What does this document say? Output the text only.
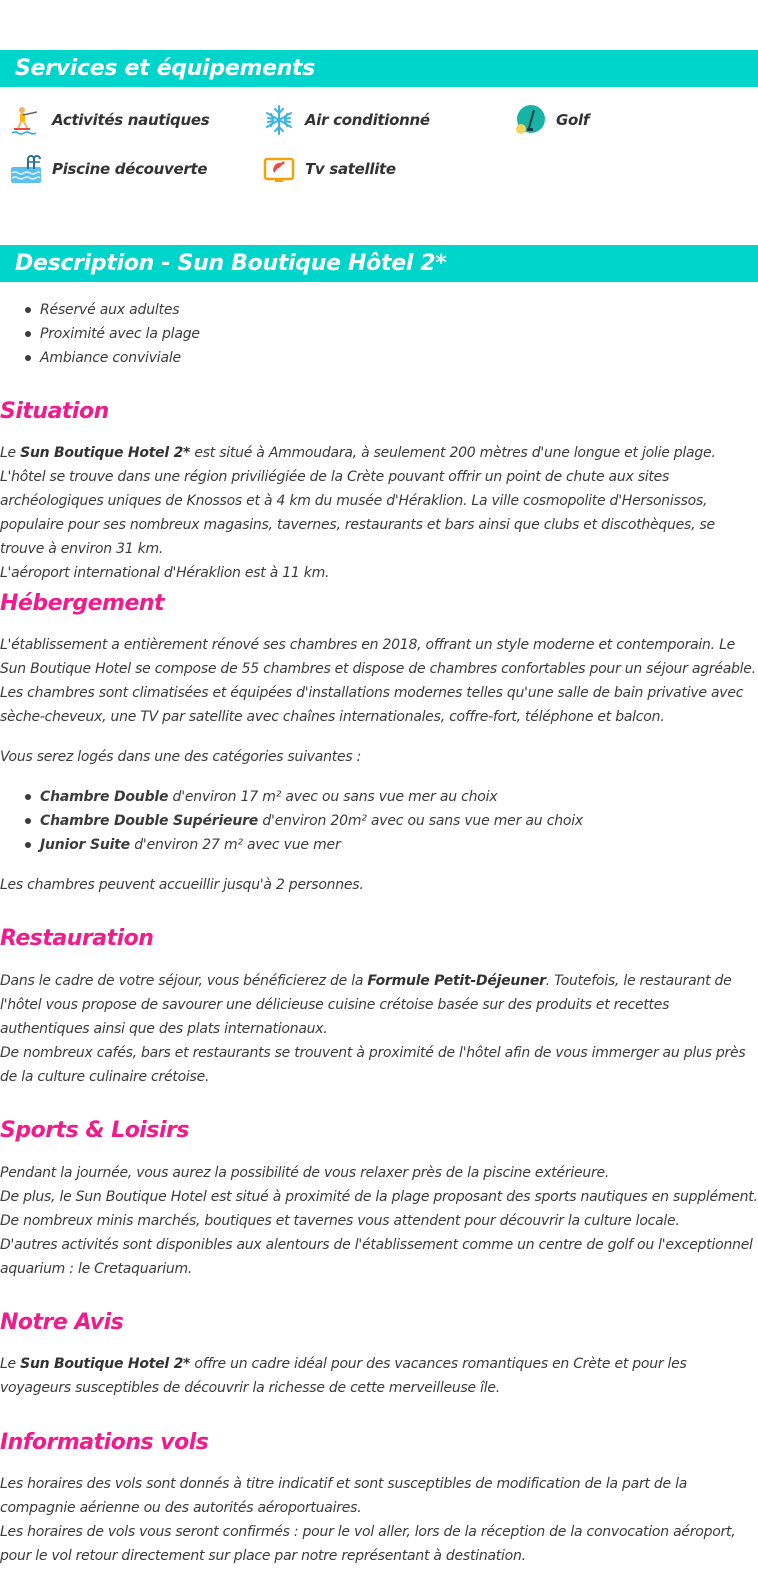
Services et équipements
Activités nautiques	Air conditionné	Golf
Piscine découverte	Tv satellite
Description - Sun Boutique Hôtel 2*
Réservé aux adultes
Proximité avec la plage
Ambiance conviviale
Situation

Le Sun Boutique Hotel 2* est situé à Ammoudara, à seulement 200 mètres d'une longue et jolie plage. L'hôtel se trouve dans une région priviliégiée de la Crète pouvant offrir un point de chute aux sites archéologiques uniques de Knossos et à 4 km du musée d'Héraklion. La ville cosmopolite d'Hersonissos, populaire pour ses nombreux magasins, tavernes, restaurants et bars ainsi que clubs et discothèques, se trouve à environ 31 km.
L'aéroport international d'Héraklion est à 11 km.

Hébergement

L'établissement a entièrement rénové ses chambres en 2018, offrant un style moderne et contemporain. Le Sun Boutique Hotel se compose de 55 chambres et dispose de chambres confortables pour un séjour agréable. Les chambres sont climatisées et équipées d'installations modernes telles qu'une salle de bain privative avec sèche-cheveux, une TV par satellite avec chaînes internationales, coffre-fort, téléphone et balcon.

Vous serez logés dans une des catégories suivantes :

Chambre Double d'environ 17 m² avec ou sans vue mer au choix
Chambre Double Supérieure d'environ 20m² avec ou sans vue mer au choix
Junior Suite d'environ 27 m² avec vue mer

Les chambres peuvent accueillir jusqu'à 2 personnes.

Restauration

Dans le cadre de votre séjour, vous bénéficierez de la Formule Petit-Déjeuner. Toutefois, le restaurant de l'hôtel vous propose de savourer une délicieuse cuisine crétoise basée sur des produits et recettes authentiques ainsi que des plats internationaux.
De nombreux cafés, bars et restaurants se trouvent à proximité de l'hôtel afin de vous immerger au plus près de la culture culinaire crétoise.

Sports & Loisirs

Pendant la journée, vous aurez la possibilité de vous relaxer près de la piscine extérieure.
De plus, le Sun Boutique Hotel est situé à proximité de la plage proposant des sports nautiques en supplément. De nombreux minis marchés, boutiques et tavernes vous attendent pour découvrir la culture locale.
D'autres activités sont disponibles aux alentours de l'établissement comme un centre de golf ou l'exceptionnel aquarium : le Cretaquarium.

Notre Avis

Le Sun Boutique Hotel 2* offre un cadre idéal pour des vacances romantiques en Crète et pour les voyageurs susceptibles de découvrir la richesse de cette merveilleuse île.

Informations vols

Les horaires des vols sont donnés à titre indicatif et sont susceptibles de modification de la part de la compagnie aérienne ou des autorités aéroportuaires.
Les horaires de vols vous seront confirmés : pour le vol aller, lors de la réception de la convocation aéroport, pour le vol retour directement sur place par notre représentant à destination.
